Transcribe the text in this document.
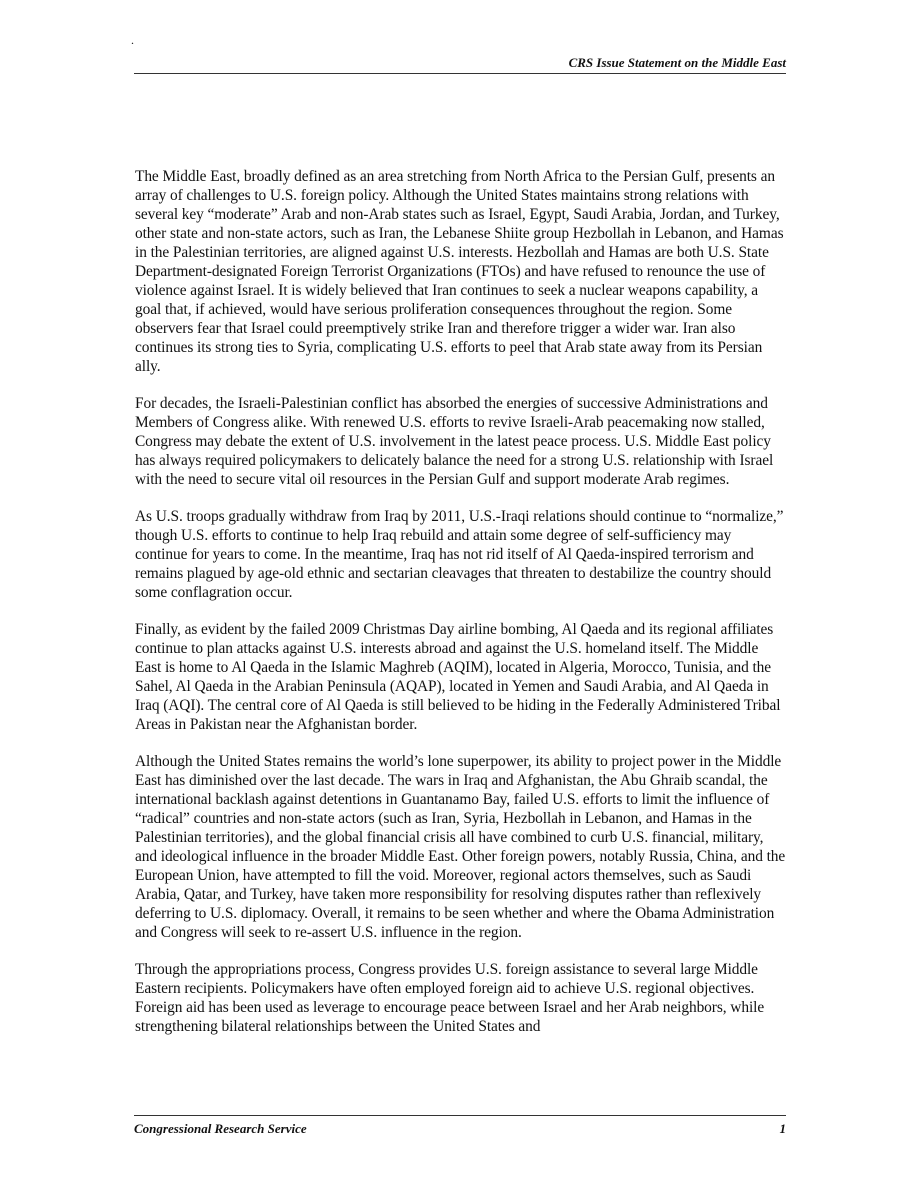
.
CRS Issue Statement on the Middle East

The Middle East, broadly defined as an area stretching from North Africa to the Persian Gulf, presents an array of challenges to U.S. foreign policy. Although the United States maintains strong relations with several key “moderate” Arab and non-Arab states such as Israel, Egypt, Saudi Arabia, Jordan, and Turkey, other state and non-state actors, such as Iran, the Lebanese Shiite group Hezbollah in Lebanon, and Hamas in the Palestinian territories, are aligned against U.S. interests. Hezbollah and Hamas are both U.S. State Department-designated Foreign Terrorist Organizations (FTOs) and have refused to renounce the use of violence against Israel. It is widely believed that Iran continues to seek a nuclear weapons capability, a goal that, if achieved, would have serious proliferation consequences throughout the region. Some observers fear that Israel could preemptively strike Iran and therefore trigger a wider war. Iran also continues its strong ties to Syria, complicating U.S. efforts to peel that Arab state away from its Persian ally.

For decades, the Israeli-Palestinian conflict has absorbed the energies of successive Administrations and Members of Congress alike. With renewed U.S. efforts to revive Israeli-Arab peacemaking now stalled, Congress may debate the extent of U.S. involvement in the latest peace process. U.S. Middle East policy has always required policymakers to delicately balance the need for a strong U.S. relationship with Israel with the need to secure vital oil resources in the Persian Gulf and support moderate Arab regimes.

As U.S. troops gradually withdraw from Iraq by 2011, U.S.-Iraqi relations should continue to “normalize,” though U.S. efforts to continue to help Iraq rebuild and attain some degree of self-sufficiency may continue for years to come. In the meantime, Iraq has not rid itself of Al Qaeda-inspired terrorism and remains plagued by age-old ethnic and sectarian cleavages that threaten to destabilize the country should some conflagration occur.

Finally, as evident by the failed 2009 Christmas Day airline bombing, Al Qaeda and its regional affiliates continue to plan attacks against U.S. interests abroad and against the U.S. homeland itself. The Middle East is home to Al Qaeda in the Islamic Maghreb (AQIM), located in Algeria, Morocco, Tunisia, and the Sahel, Al Qaeda in the Arabian Peninsula (AQAP), located in Yemen and Saudi Arabia, and Al Qaeda in Iraq (AQI). The central core of Al Qaeda is still believed to be hiding in the Federally Administered Tribal Areas in Pakistan near the Afghanistan border.

Although the United States remains the world’s lone superpower, its ability to project power in the Middle East has diminished over the last decade. The wars in Iraq and Afghanistan, the Abu Ghraib scandal, the international backlash against detentions in Guantanamo Bay, failed U.S. efforts to limit the influence of “radical” countries and non-state actors (such as Iran, Syria, Hezbollah in Lebanon, and Hamas in the Palestinian territories), and the global financial crisis all have combined to curb U.S. financial, military, and ideological influence in the broader Middle East. Other foreign powers, notably Russia, China, and the European Union, have attempted to fill the void. Moreover, regional actors themselves, such as Saudi Arabia, Qatar, and Turkey, have taken more responsibility for resolving disputes rather than reflexively deferring to U.S. diplomacy. Overall, it remains to be seen whether and where the Obama Administration and Congress will seek to re-assert U.S. influence in the region.

Through the appropriations process, Congress provides U.S. foreign assistance to several large Middle Eastern recipients. Policymakers have often employed foreign aid to achieve U.S. regional objectives. Foreign aid has been used as leverage to encourage peace between Israel and her Arab neighbors, while strengthening bilateral relationships between the United States and

Congressional Research Service	1
